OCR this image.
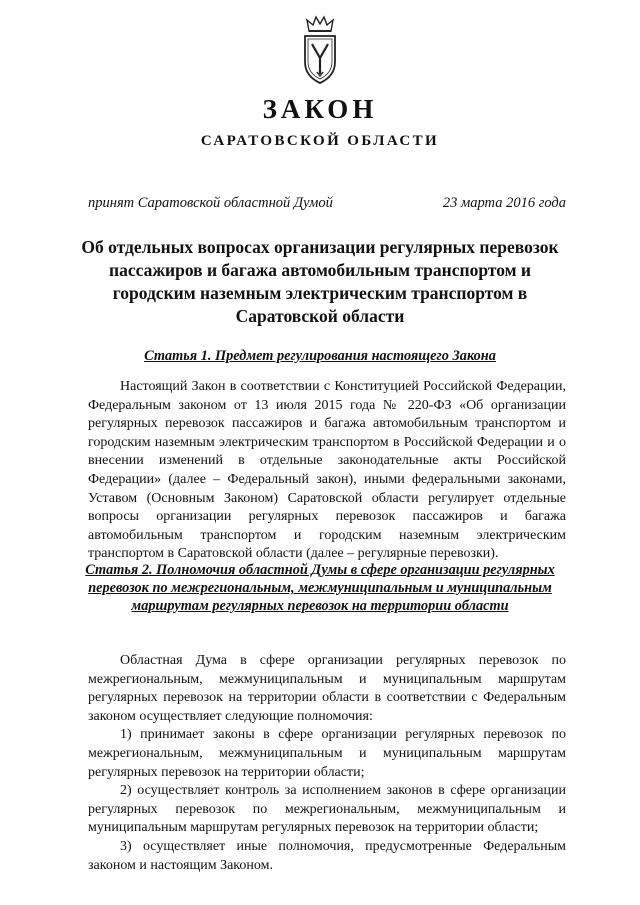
ЗАКОН
САРАТОВСКОЙ ОБЛАСТИ
принят Саратовской областной Думой	23 марта 2016 года
Об отдельных вопросах организации регулярных перевозок пассажиров и багажа автомобильным транспортом и городским наземным электрическим транспортом в Саратовской области
Статья 1. Предмет регулирования настоящего Закона

Настоящий Закон в соответствии с Конституцией Российской Федерации, Федеральным законом от 13 июля 2015 года № 220-ФЗ «Об организации регулярных перевозок пассажиров и багажа автомобильным транспортом и городским наземным электрическим транспортом в Российской Федерации и о внесении изменений в отдельные законодательные акты Российской Федерации» (далее – Федеральный закон), иными федеральными законами, Уставом (Основным Законом) Саратовской области регулирует отдельные вопросы организации регулярных перевозок пассажиров и багажа автомобильным транспортом и городским наземным электрическим транспортом в Саратовской области (далее – регулярные перевозки).

Статья 2. Полномочия областной Думы в сфере организации регулярных перевозок по межрегиональным, межмуниципальным и муниципальным маршрутам регулярных перевозок на территории области

Областная Дума в сфере организации регулярных перевозок по межрегиональным, межмуниципальным и муниципальным маршрутам регулярных перевозок на территории области в соответствии с Федеральным законом осуществляет следующие полномочия:

1) принимает законы в сфере организации регулярных перевозок по межрегиональным, межмуниципальным и муниципальным маршрутам регулярных перевозок на территории области;

2) осуществляет контроль за исполнением законов в сфере организации регулярных перевозок по межрегиональным, межмуниципальным и муниципальным маршрутам регулярных перевозок на территории области;

3) осуществляет иные полномочия, предусмотренные Федеральным законом и настоящим Законом.
